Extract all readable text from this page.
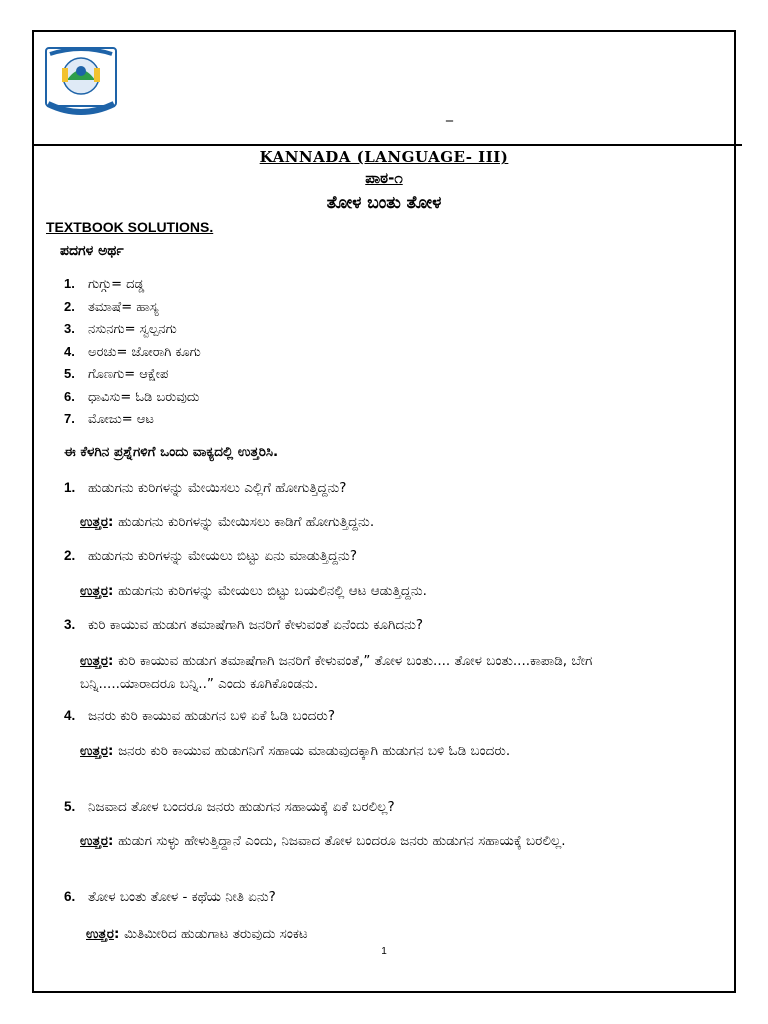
_
KANNADA (LANGUAGE- III)
ಪಾಠ-೧
ತೋಳ ಬಂತು ತೋಳ
TEXTBOOK SOLUTIONS.
ಪದಗಳ ಅರ್ಥ
1. ಗುಗ್ಗು= ದಡ್ಡ
2. ತಮಾಷೆ= ಹಾಸ್ಯ
3. ನಸುನಗು= ಸ್ವಲ್ಪನಗು
4. ಅರಚು= ಜೋರಾಗಿ ಕೂಗು
5. ಗೊಣಗು= ಆಕ್ಷೇಪ
6. ಧಾವಿಸು= ಓಡಿ ಬರುವುದು
7. ಮೋಜು= ಆಟ
ಈ ಕೆಳಗಿನ ಪ್ರಶ್ನೆಗಳಿಗೆ ಒಂದು ವಾಕ್ಯದಲ್ಲಿ ಉತ್ತರಿಸಿ.
1. ಹುಡುಗನು ಕುರಿಗಳನ್ನು ಮೇಯಿಸಲು ಎಲ್ಲಿಗೆ ಹೋಗುತ್ತಿದ್ದನು?
ಉತ್ತರ: ಹುಡುಗನು ಕುರಿಗಳನ್ನು ಮೇಯಿಸಲು ಕಾಡಿಗೆ ಹೋಗುತ್ತಿದ್ದನು.
2. ಹುಡುಗನು ಕುರಿಗಳನ್ನು ಮೇಯಲು ಬಿಟ್ಟು ಏನು ಮಾಡುತ್ತಿದ್ದನು?
ಉತ್ತರ: ಹುಡುಗನು ಕುರಿಗಳನ್ನು ಮೇಯಲು ಬಿಟ್ಟು ಬಯಲಿನಲ್ಲಿ ಆಟ ಆಡುತ್ತಿದ್ದನು.
3. ಕುರಿ ಕಾಯುವ ಹುಡುಗ ತಮಾಷೆಗಾಗಿ ಜನರಿಗೆ ಕೇಳುವಂತೆ ಏನೆಂದು ಕೂಗಿದನು?
ಉತ್ತರ: ಕುರಿ ಕಾಯುವ ಹುಡುಗ ತಮಾಷೆಗಾಗಿ ಜನರಿಗೆ ಕೇಳುವಂತೆ,” ತೋಳ ಬಂತು.... ತೋಳ ಬಂತು....ಕಾಪಾಡಿ, ಬೇಗ ಬನ್ನಿ.....ಯಾರಾದರೂ ಬನ್ನಿ..” ಎಂದು ಕೂಗಿಕೊಂಡನು.
4. ಜನರು ಕುರಿ ಕಾಯುವ ಹುಡುಗನ ಬಳಿ ಏಕೆ ಓಡಿ ಬಂದರು?
ಉತ್ತರ: ಜನರು ಕುರಿ ಕಾಯುವ ಹುಡುಗನಿಗೆ ಸಹಾಯ ಮಾಡುವುದಕ್ಕಾಗಿ ಹುಡುಗನ ಬಳಿ ಓಡಿ ಬಂದರು.
5. ನಿಜವಾದ ತೋಳ ಬಂದರೂ ಜನರು ಹುಡುಗನ ಸಹಾಯಕ್ಕೆ ಏಕೆ ಬರಲಿಲ್ಲ?
ಉತ್ತರ: ಹುಡುಗ ಸುಳ್ಳು ಹೇಳುತ್ತಿದ್ದಾನೆ ಎಂದು, ನಿಜವಾದ ತೋಳ ಬಂದರೂ ಜನರು ಹುಡುಗನ ಸಹಾಯಕ್ಕೆ ಬರಲಿಲ್ಲ.
6. ತೋಳ ಬಂತು ತೋಳ - ಕಥೆಯ ನೀತಿ ಏನು?
ಉತ್ತರ: ಮಿತಿಮೀರಿದ ಹುಡುಗಾಟ ತರುವುದು ಸಂಕಟ
1
